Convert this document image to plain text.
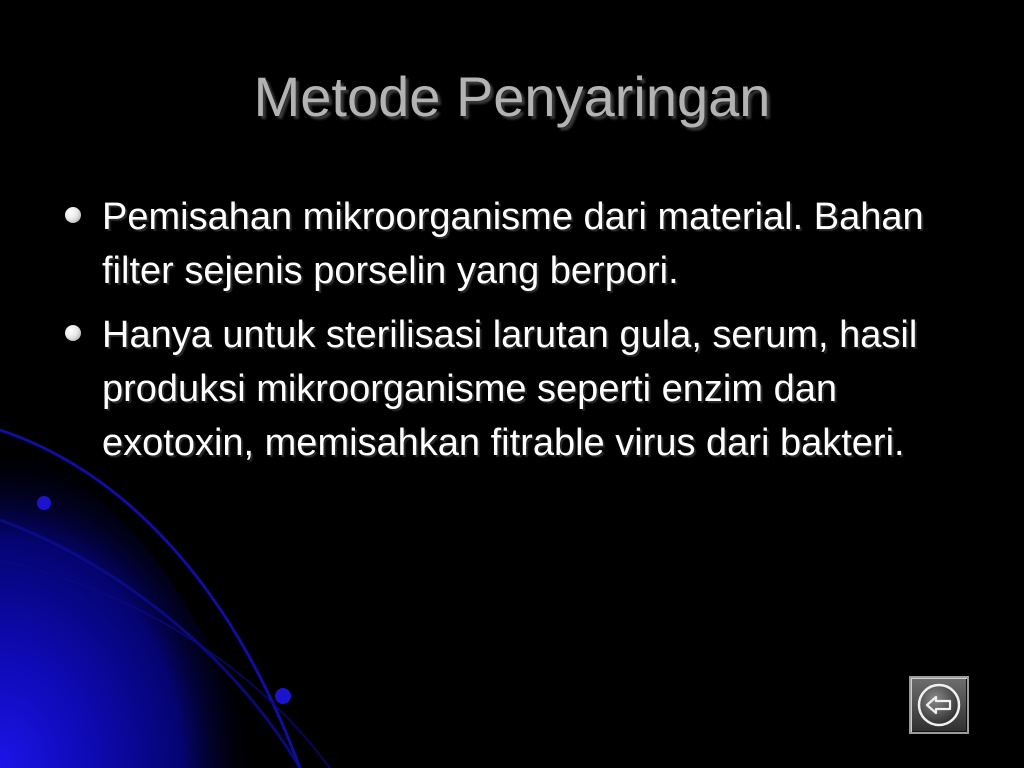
Metode Penyaringan
Pemisahan mikroorganisme dari material. Bahan filter sejenis porselin yang berpori.
Hanya untuk sterilisasi larutan gula, serum, hasil produksi mikroorganisme seperti enzim dan exotoxin, memisahkan fitrable virus dari bakteri.
